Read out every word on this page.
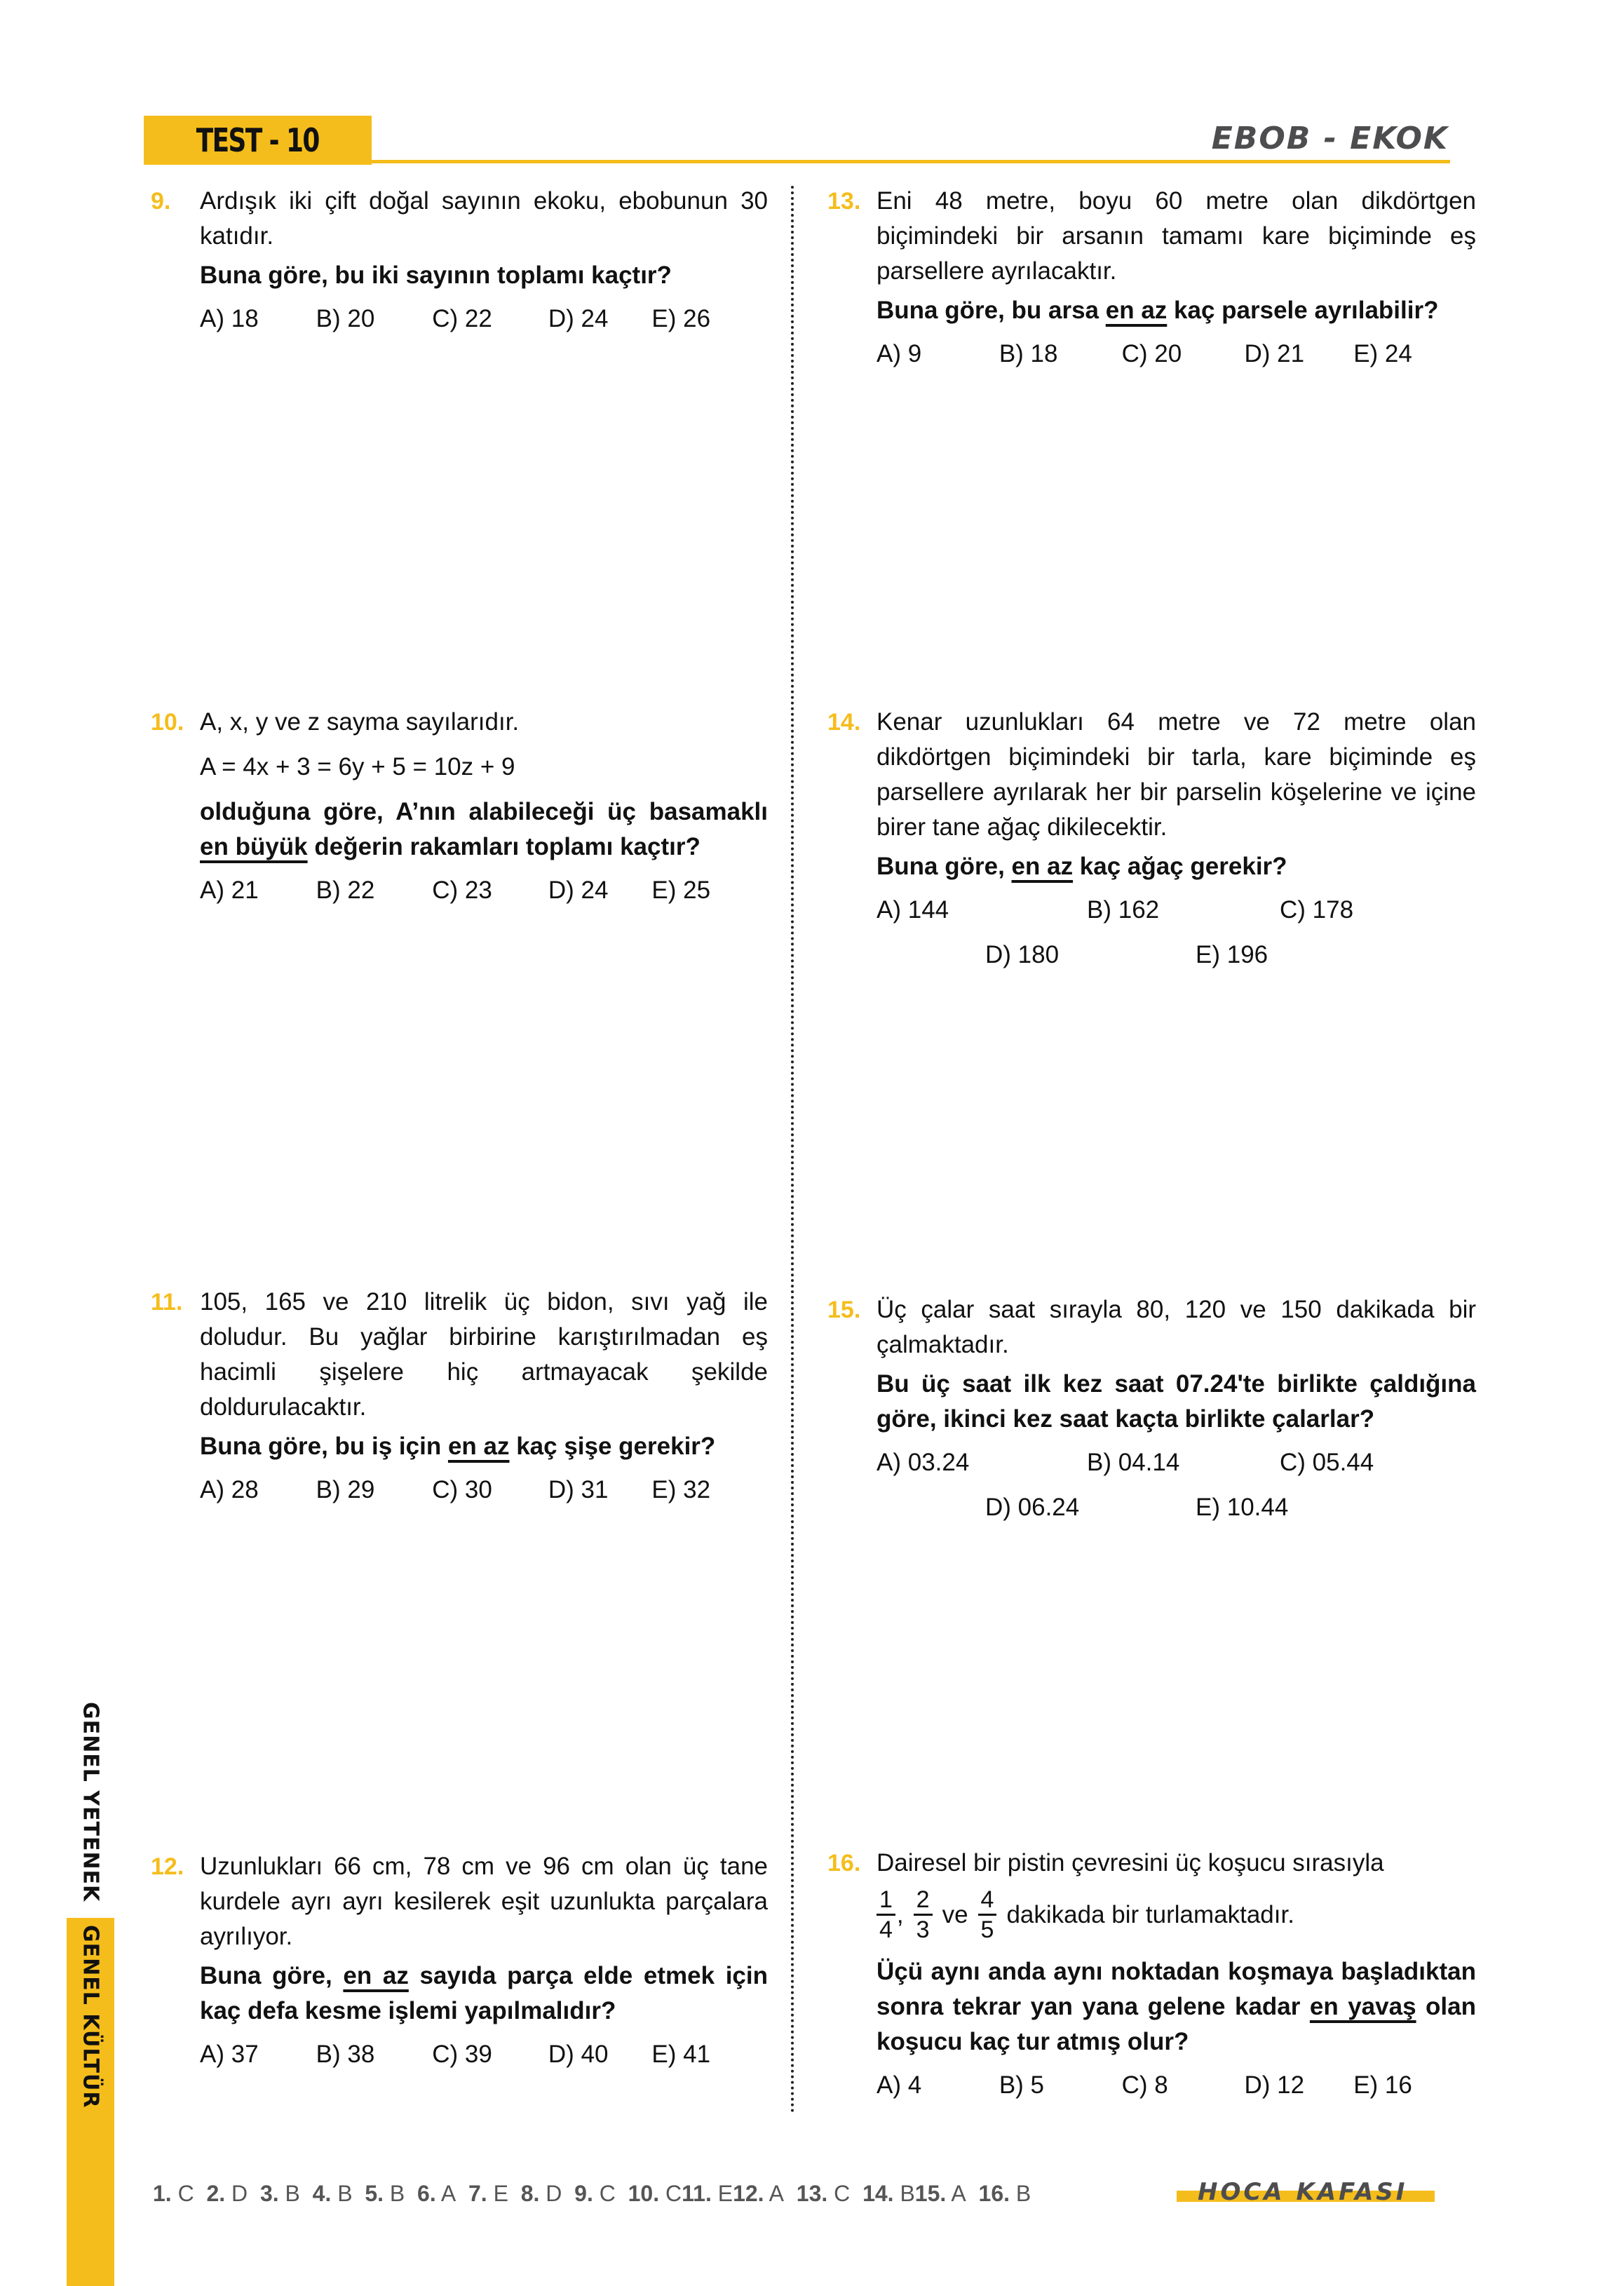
GENEL YETENEK
GENEL KÜLTÜR
TEST - 10	EBOB - EKOK
9. Ardışık iki çift doğal sayının ekoku, ebobunun 30 katıdır.
Buna göre, bu iki sayının toplamı kaçtır?
A) 18	B) 20	C) 22	D) 24	E) 26
10. A, x, y ve z sayma sayılarıdır.
A = 4x + 3 = 6y + 5 = 10z + 9
olduğuna göre, A’nın alabileceği üç basamaklı en büyük değerin rakamları toplamı kaçtır?
A) 21	B) 22	C) 23	D) 24	E) 25
11. 105, 165 ve 210 litrelik üç bidon, sıvı yağ ile doludur. Bu yağlar birbirine karıştırılmadan eş hacimli şişelere hiç artmayacak şekilde doldurulacaktır.
Buna göre, bu iş için en az kaç şişe gerekir?
A) 28	B) 29	C) 30	D) 31	E) 32
12. Uzunlukları 66 cm, 78 cm ve 96 cm olan üç tane kurdele ayrı ayrı kesilerek eşit uzunlukta parçalara ayrılıyor.
Buna göre, en az sayıda parça elde etmek için kaç defa kesme işlemi yapılmalıdır?
A) 37	B) 38	C) 39	D) 40	E) 41
13. Eni 48 metre, boyu 60 metre olan dikdörtgen biçimindeki bir arsanın tamamı kare biçiminde eş parsellere ayrılacaktır.
Buna göre, bu arsa en az kaç parsele ayrılabilir?
A) 9	B) 18	C) 20	D) 21	E) 24
14. Kenar uzunlukları 64 metre ve 72 metre olan dikdörtgen biçimindeki bir tarla, kare biçiminde eş parsellere ayrılarak her bir parselin köşelerine ve içine birer tane ağaç dikilecektir.
Buna göre, en az kaç ağaç gerekir?
A) 144	B) 162	C) 178
D) 180	E) 196
15. Üç çalar saat sırayla 80, 120 ve 150 dakikada bir çalmaktadır.
Bu üç saat ilk kez saat 07.24'te birlikte çaldığına göre, ikinci kez saat kaçta birlikte çalarlar?
A) 03.24	B) 04.14	C) 05.44
D) 06.24	E) 10.44
16. Dairesel bir pistin çevresini üç koşucu sırasıyla
$\frac{1}{4}$ , $\frac{2}{3}$ ve $\frac{4}{5}$ dakikada bir turlamaktadır.
Üçü aynı anda aynı noktadan koşmaya başladıktan sonra tekrar yan yana gelene kadar en yavaş olan koşucu kaç tur atmış olur?
A) 4	B) 5	C) 8	D) 12	E) 16
1. C 2. D 3. B 4. B 5. B 6. A 7. E 8. D 9. C 10. C11. E12. A 13. C 14. B15. A 16. B	HOCA KAFASI
